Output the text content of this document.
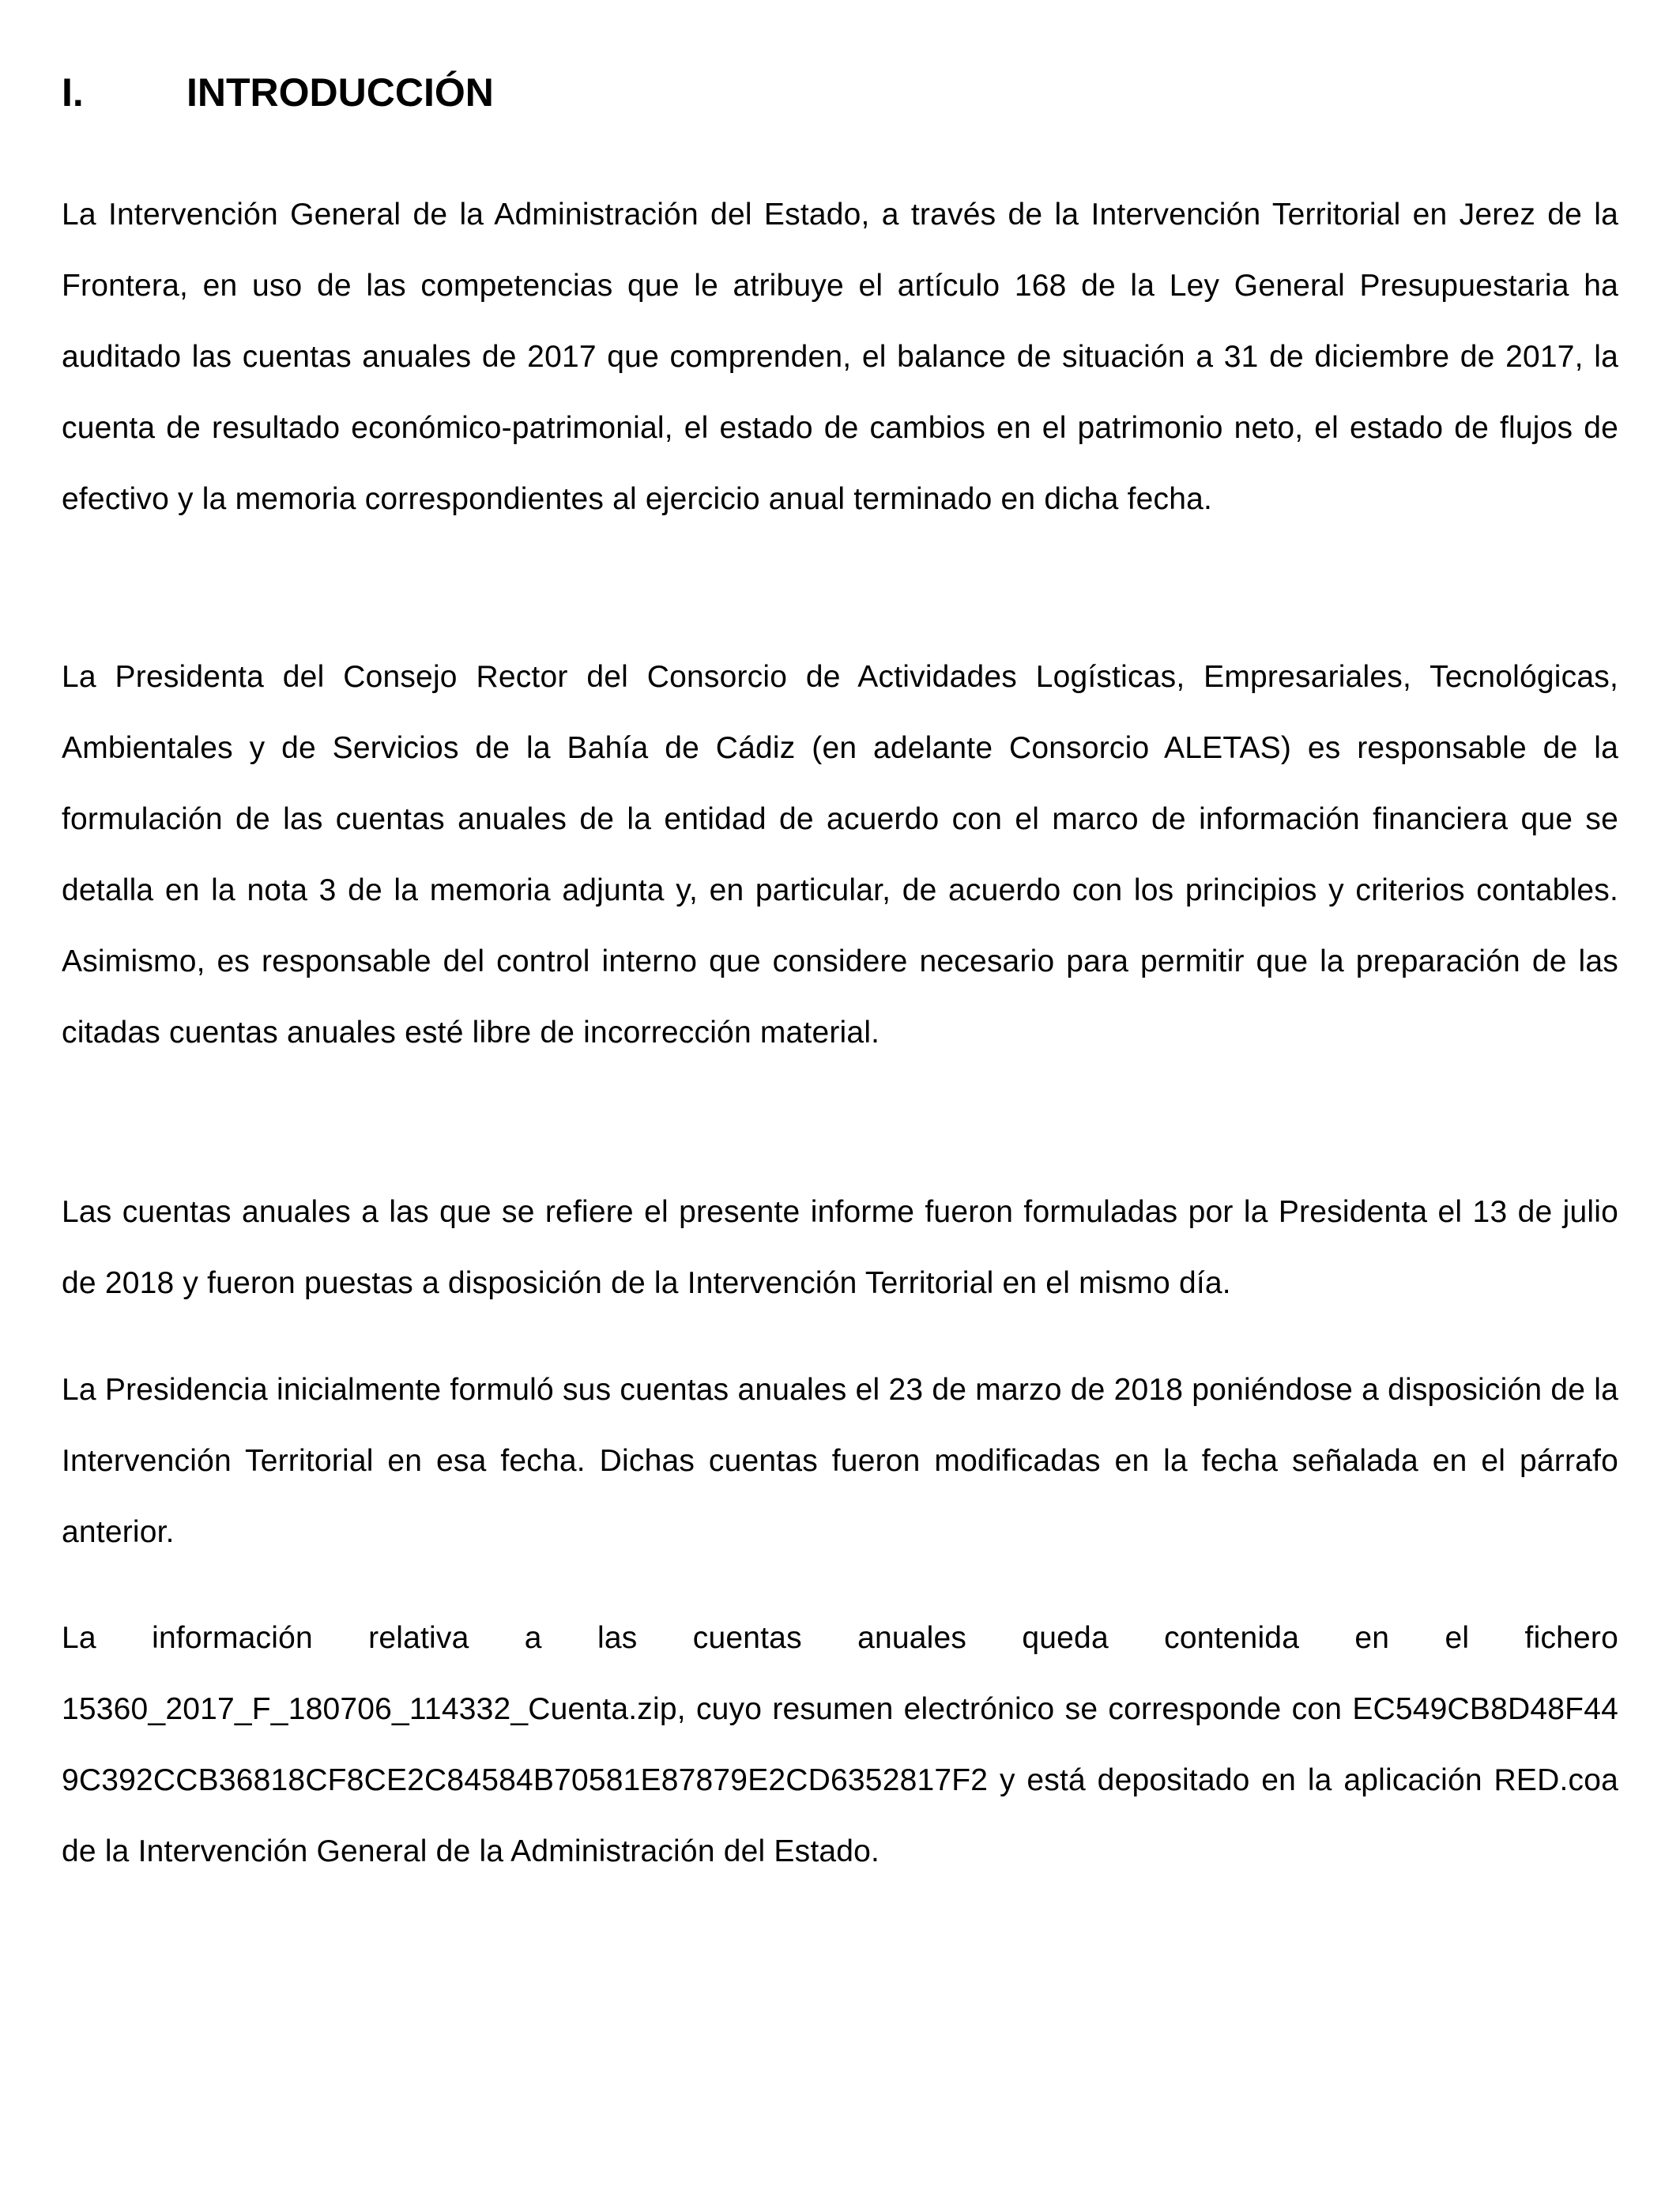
I.	INTRODUCCIÓN

La Intervención General de la Administración del Estado, a través de la Intervención Territorial en Jerez de la Frontera, en uso de las competencias que le atribuye el artículo 168 de la Ley General Presupuestaria ha auditado las cuentas anuales de 2017 que comprenden, el balance de situación a 31 de diciembre de 2017, la cuenta de resultado económico-patrimonial, el estado de cambios en el patrimonio neto, el estado de flujos de efectivo y la memoria correspondientes al ejercicio anual terminado en dicha fecha.

La Presidenta del Consejo Rector del Consorcio de Actividades Logísticas, Empresariales, Tecnológicas, Ambientales y de Servicios de la Bahía de Cádiz (en adelante Consorcio ALETAS) es responsable de la formulación de las cuentas anuales de la entidad de acuerdo con el marco de información financiera que se detalla en la nota 3 de la memoria adjunta y, en particular, de acuerdo con los principios y criterios contables. Asimismo, es responsable del control interno que considere necesario para permitir que la preparación de las citadas cuentas anuales esté libre de incorrección material.

Las cuentas anuales a las que se refiere el presente informe fueron formuladas por la Presidenta el 13 de julio de 2018 y fueron puestas a disposición de la Intervención Territorial en el mismo día.

La Presidencia inicialmente formuló sus cuentas anuales el 23 de marzo de 2018 poniéndose a disposición de la Intervención Territorial en esa fecha. Dichas cuentas fueron modificadas en la fecha señalada en el párrafo anterior.

La información relativa a las cuentas anuales queda contenida en el fichero 15360_2017_F_180706_114332_Cuenta.zip, cuyo resumen electrónico se corresponde con EC549CB8D48F449C392CCB36818CF8CE2C84584B70581E87879E2CD6352817F2 y está depositado en la aplicación RED.coa de la Intervención General de la Administración del Estado.
